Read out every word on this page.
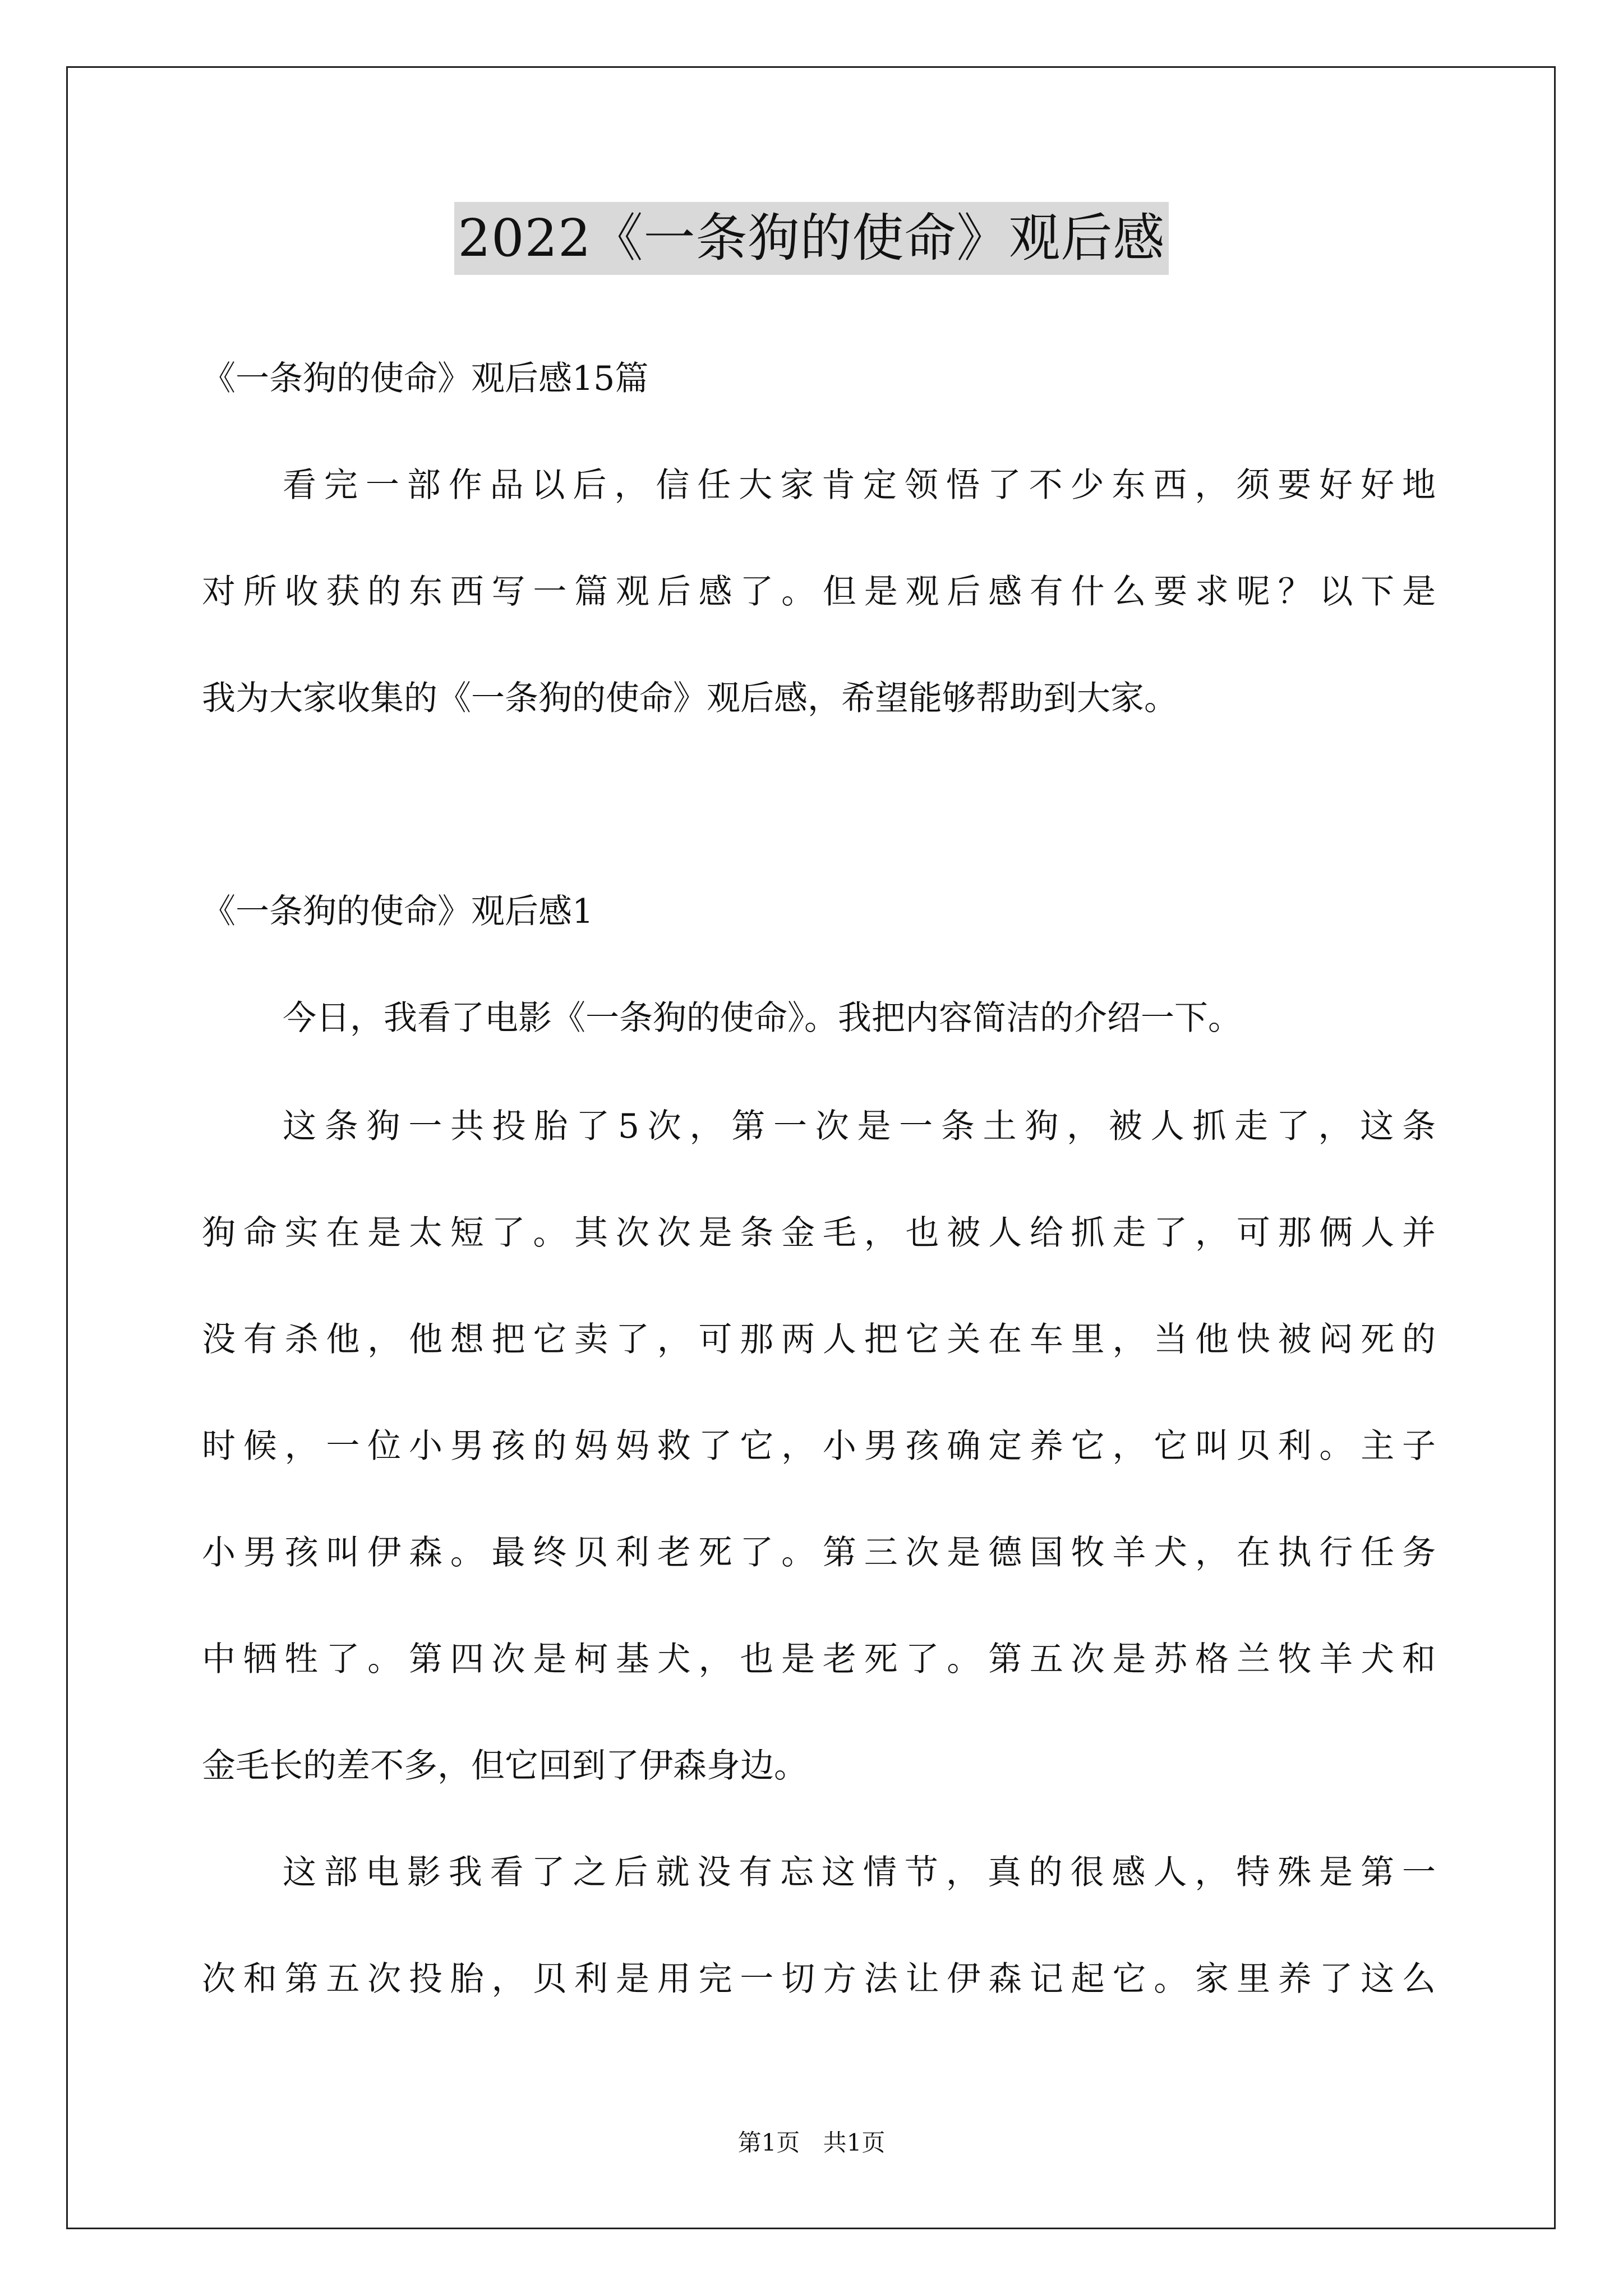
2022《一条狗的使命》观后感
《一条狗的使命》观后感15篇
看完一部作品以后，信任大家肯定领悟了不少东西，须要好好地
对所收获的东西写一篇观后感了。但是观后感有什么要求呢？以下是
我为大家收集的《一条狗的使命》观后感，希望能够帮助到大家。
《一条狗的使命》观后感1
今日，我看了电影《一条狗的使命》。我把内容简洁的介绍一下。
这条狗一共投胎了5次，第一次是一条土狗，被人抓走了，这条
狗命实在是太短了。其次次是条金毛，也被人给抓走了，可那俩人并
没有杀他，他想把它卖了，可那两人把它关在车里，当他快被闷死的
时候，一位小男孩的妈妈救了它，小男孩确定养它，它叫贝利。主子
小男孩叫伊森。最终贝利老死了。第三次是德国牧羊犬，在执行任务
中牺牲了。第四次是柯基犬，也是老死了。第五次是苏格兰牧羊犬和
金毛长的差不多，但它回到了伊森身边。
这部电影我看了之后就没有忘这情节，真的很感人，特殊是第一
次和第五次投胎，贝利是用完一切方法让伊森记起它。家里养了这么
第1页 共1页
